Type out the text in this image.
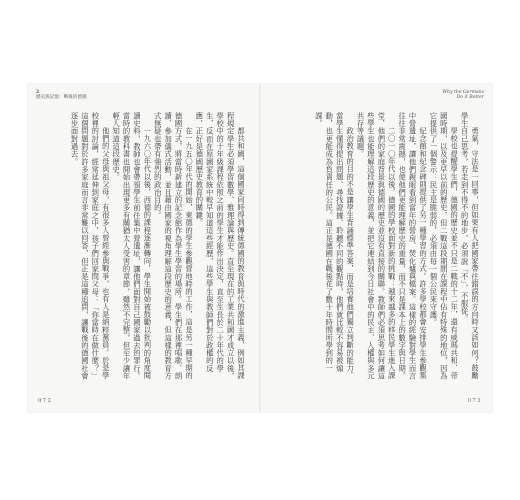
2
歷史與記憶：戰後的德國
Why the Germans
Do it Better

都共和國，這個國家同時得到傳統德國的教育與時代的激進主義，例如其課程規定學生必須學習數學、雅理論與歷史。直至現在的工業共和國才成立以後，學校中的十年級課程依照之前的學生才能作出決定，直至生長於二十年代的學生，反而在原國家系統中較早知道這些經歷，這些學生與教師們對於政權的反應，正好是德國歷史教育的關鍵。

在一九五〇年代的開始，東德的學生參觀營地時的工作，這是另一種早期的德國方式，將當時新建立的記念館作為學生學習的場所。學生們在那裡唱歌、朗讀、參加儀式活動，並且藉由國家的視角理解這段歷史的意義，但這樣的教育方式無疑也帶有強烈的政治目的。

一九六〇年代以後，西德的課程逐漸轉向，學生開始被鼓勵以批判的角度閱讀史料，教師也會帶領學生前往集中營遺址，讓他們面對自己國家過去的罪行。當時的教科書也開始出現更多有關猶太人受害的章節，雖然不完整，但至少讓年輕人知道這段歷史。

他們的父母與祖父母，有很多人曾經參與戰爭，也有人是納粹黨員。於是學校裡的討論，經常延伸到家庭之中，孩子們回家問父母：「你當時在做什麼？」這個問題對於許多家庭而言非常難以回答，但正是這種追問，讓戰後的德國社會逐步面對過去。	勇氣，守法是一回事，但如果有人把國家帶往錯誤的方向時又該如何？鼓勵學生自己思考，若走到不得不的地步，必須說「不」，不服從。

學校也提醒學生們，德國的歷史並不只是二戰的十二年，還有威瑪共和、帝國時期，以及更早以前的歷史，但二戰這段期間在課程中佔有特殊的地位，因為它提供了一個警示：民主是脆弱的，必須由每一個公民來守護。

紀念館和紀念碑則提供了另一種學習的方式。許多學校都會安排學生參觀集中營遺址，讓他們親眼看到當年的營房、焚化爐與檔案。這樣的經驗對學生而言往往非常震撼，也使他們更能理解歷史的重量，而不只是課本上的數字與日期。

二〇一〇年代以後，德國的學校面對新的挑戰：越來越多的移民學生進入課堂，他們的家庭背景與德國的歷史並沒有直接的關聯。教師們必須思考如何讓這些學生也能理解這段歷史的意義，並把它連結到今日社會中的民主、人權與多元共存等議題。

政治教育的目的不是讓學生背誦標準答案，而是培養他們獨立判斷的能力。當學生懂得提出問題、尋找證據、聆聽不同的觀點時，他們就比較不容易被煽動，也更能成為負責任的公民。這正是德國在戰後花了數十年時間所學到的一課。

072	073
